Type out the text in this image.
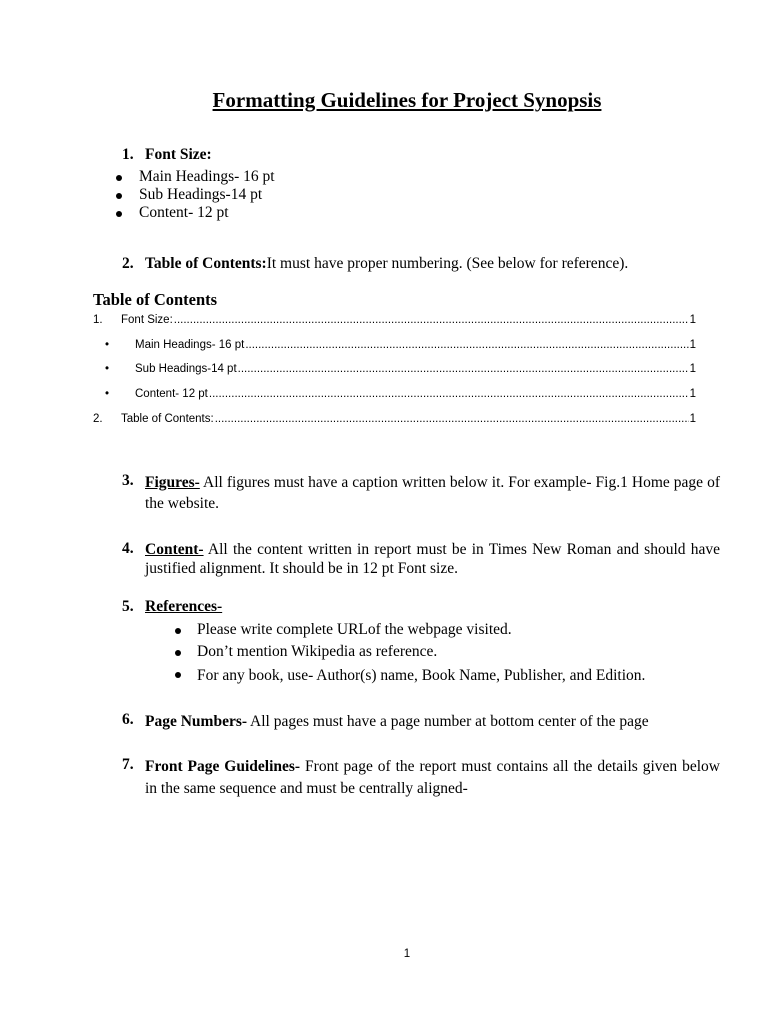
Formatting Guidelines for Project Synopsis
1. Font Size:
Main Headings- 16 pt
Sub Headings-14 pt
Content- 12 pt
2. Table of Contents:It must have proper numbering. (See below for reference).
Table of Contents
1.	Font Size: .....	1
•	Main Headings- 16 pt .....	1
•	Sub Headings-14 pt .....	1
•	Content- 12 pt .....	1
2.	Table of Contents: .....	1
3. Figures- All figures must have a caption written below it. For example- Fig.1 Home page of the website.
4. Content- All the content written in report must be in Times New Roman and should have justified alignment. It should be in 12 pt Font size.
5. References-
Please write complete URLof the webpage visited.
Don’t mention Wikipedia as reference.
For any book, use- Author(s) name, Book Name, Publisher, and Edition.
6. Page Numbers- All pages must have a page number at bottom center of the page
7. Front Page Guidelines- Front page of the report must contains all the details given below in the same sequence and must be centrally aligned-
1
